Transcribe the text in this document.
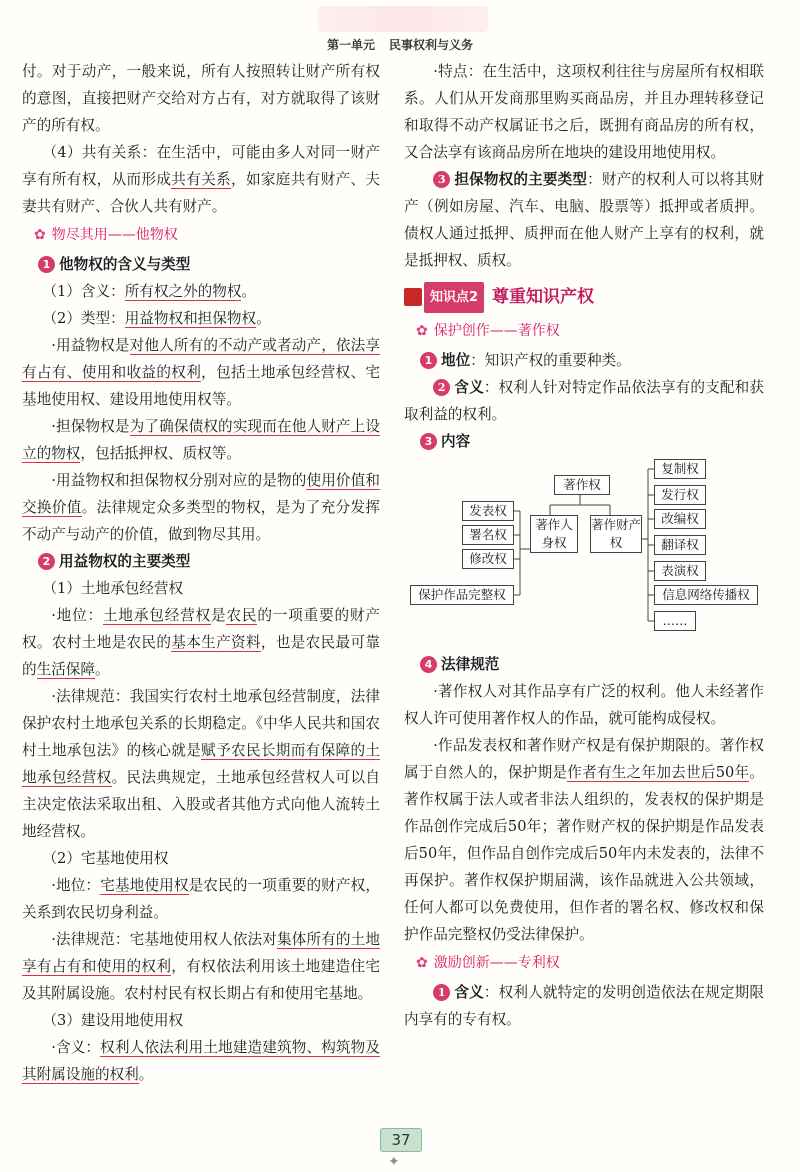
第一单元 民事权利与义务

付。对于动产，一般来说，所有人按照转让财产所有权的意图，直接把财产交给对方占有，对方就取得了该财产的所有权。

（4）共有关系：在生活中，可能由多人对同一财产享有所有权，从而形成共有关系，如家庭共有财产、夫妻共有财产、合伙人共有财产。

✿ 物尽其用——他物权
1 他物权的含义与类型

（1）含义：所有权之外的物权。

（2）类型：用益物权和担保物权。

·用益物权是对他人所有的不动产或者动产，依法享有占有、使用和收益的权利，包括土地承包经营权、宅基地使用权、建设用地使用权等。

·担保物权是为了确保债权的实现而在他人财产上设立的物权，包括抵押权、质权等。

·用益物权和担保物权分别对应的是物的使用价值和交换价值。法律规定众多类型的物权，是为了充分发挥不动产与动产的价值，做到物尽其用。

2 用益物权的主要类型

（1）土地承包经营权

·地位：土地承包经营权是农民的一项重要的财产权。农村土地是农民的基本生产资料，也是农民最可靠的生活保障。

·法律规范：我国实行农村土地承包经营制度，法律保护农村土地承包关系的长期稳定。《中华人民共和国农村土地承包法》的核心就是赋予农民长期而有保障的土地承包经营权。民法典规定，土地承包经营权人可以自主决定依法采取出租、入股或者其他方式向他人流转土地经营权。

（2）宅基地使用权

·地位：宅基地使用权是农民的一项重要的财产权，关系到农民切身利益。

·法律规范：宅基地使用权人依法对集体所有的土地享有占有和使用的权利，有权依法利用该土地建造住宅及其附属设施。农村村民有权长期占有和使用宅基地。

（3）建设用地使用权

·含义：权利人依法利用土地建造建筑物、构筑物及其附属设施的权利。

·特点：在生活中，这项权利往往与房屋所有权相联系。人们从开发商那里购买商品房，并且办理转移登记和取得不动产权属证书之后，既拥有商品房的所有权，又合法享有该商品房所在地块的建设用地使用权。

3 担保物权的主要类型：财产的权利人可以将其财产（例如房屋、汽车、电脑、股票等）抵押或者质押。债权人通过抵押、质押而在他人财产上享有的权利，就是抵押权、质权。

知识点2 尊重知识产权
✿ 保护创作——著作权
1 地位：知识产权的重要种类。

2 含义：权利人针对特定作品依法享有的支配和获取利益的权利。

3 内容
著作权
著作人身权
著作财产权
发表权
署名权
修改权
保护作品完整权
复制权
发行权
改编权
翻译权
表演权
信息网络传播权
……
4 法律规范

·著作权人对其作品享有广泛的权利。他人未经著作权人许可使用著作权人的作品，就可能构成侵权。

·作品发表权和著作财产权是有保护期限的。著作权属于自然人的，保护期是作者有生之年加去世后50年。著作权属于法人或者非法人组织的，发表权的保护期是作品创作完成后50年；著作财产权的保护期是作品发表后50年，但作品自创作完成后50年内未发表的，法律不再保护。著作权保护期届满，该作品就进入公共领域，任何人都可以免费使用，但作者的署名权、修改权和保护作品完整权仍受法律保护。

✿ 激励创新——专利权

1 含义：权利人就特定的发明创造依法在规定期限内享有的专有权。

37
✦
